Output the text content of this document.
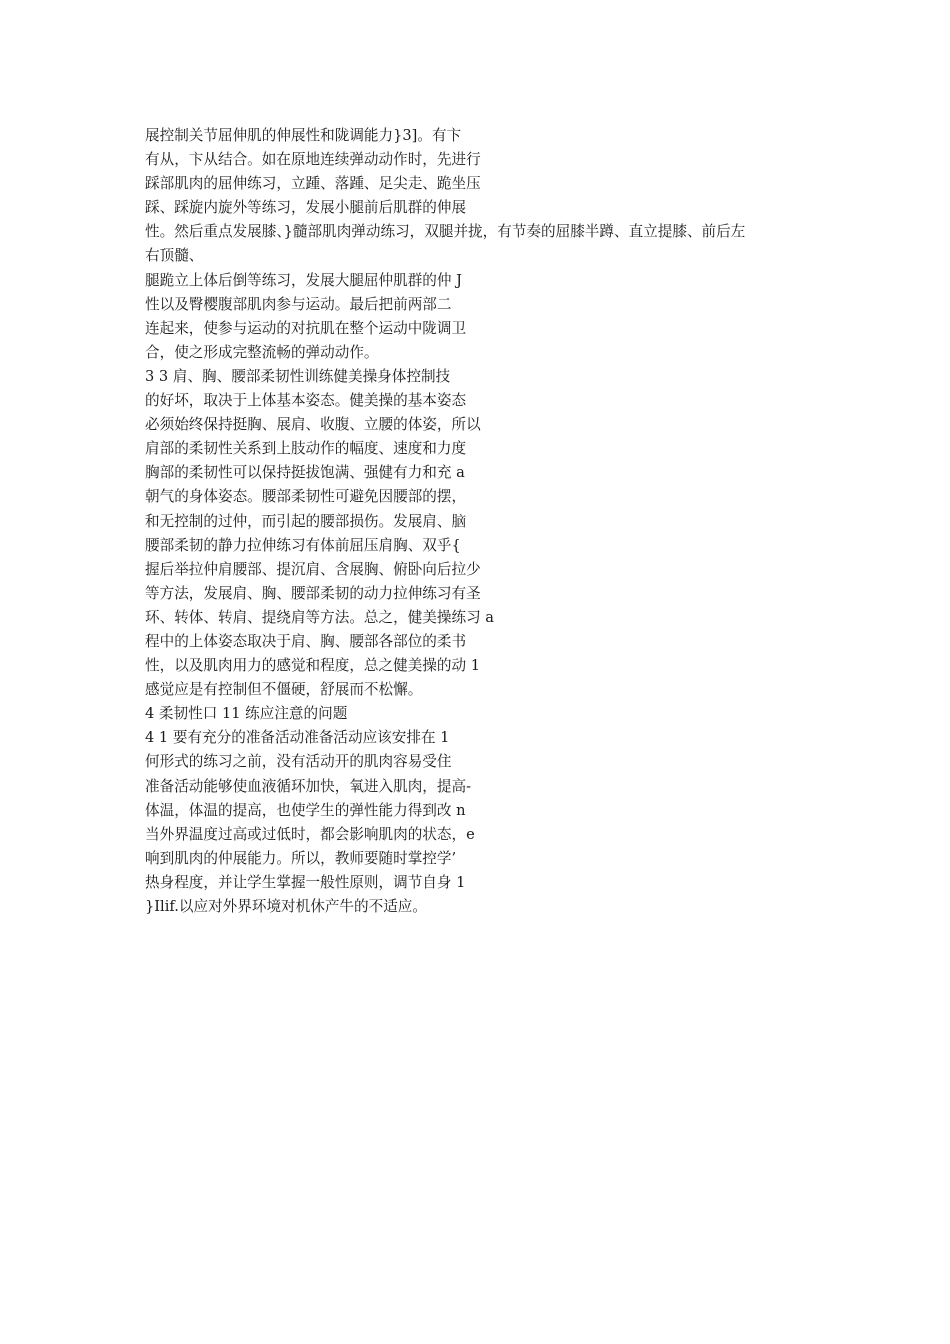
展控制关节屈伸肌的伸展性和陇调能力}3]。有卞
有从，卞从结合。如在原地连续弹动动作时，先进行
踩部肌肉的屈伸练习，立踵、落踵、足尖走、跪坐压
踩、踩旋内旋外等练习，发展小腿前后肌群的伸展
性。然后重点发展膝、}髓部肌肉弹动练习，双腿并拢，有节奏的屈膝半蹲、直立提膝、前后左
右顶髓、
腿跪立上体后倒等练习，发展大腿屈仲肌群的仲 J
性以及臀樱腹部肌肉参与运动。最后把前两部二
连起来，使参与运动的对抗肌在整个运动中陇调卫
合，使之形成完整流畅的弹动动作。
3 3 肩、胸、腰部柔韧性训练健美操身体控制技
的好坏，取决于上体基本姿态。健美操的基本姿态
必须始终保持挺胸、展肩、收腹、立腰的体姿，所以
肩部的柔韧性关系到上肢动作的幅度、速度和力度
胸部的柔韧性可以保持挺拔饱满、强健有力和充 a
朝气的身体姿态。腰部柔韧性可避免因腰部的摆，
和无控制的过仲，而引起的腰部损伤。发展肩、脑
腰部柔韧的静力拉伸练习有体前屈压肩胸、双乎{
握后举拉仲肩腰部、提沉肩、含展胸、俯卧向后拉少
等方法，发展肩、胸、腰部柔韧的动力拉伸练习有圣
环、转体、转肩、提绕肩等方法。总之，健美操练习 a
程中的上体姿态取决于肩、胸、腰部各部位的柔书
性，以及肌肉用力的感觉和程度，总之健美操的动 1
感觉应是有控制但不僵硬，舒展而不松懈。
4 柔韧性口 11 练应注意的问题
4 1 要有充分的准备活动准备活动应该安排在 1
何形式的练习之前，没有活动开的肌肉容易受住
准备活动能够使血液循环加快，氧进入肌肉，提高-
体温，体温的提高，也使学生的弹性能力得到改 n
当外界温度过高或过低时，都会影响肌肉的状态，e
响到肌肉的仲展能力。所以，教师要随时掌控学’
热身程度，并让学生掌握一般性原则，调节自身 1
}Ilif.以应对外界环境对机休产牛的不适应。
